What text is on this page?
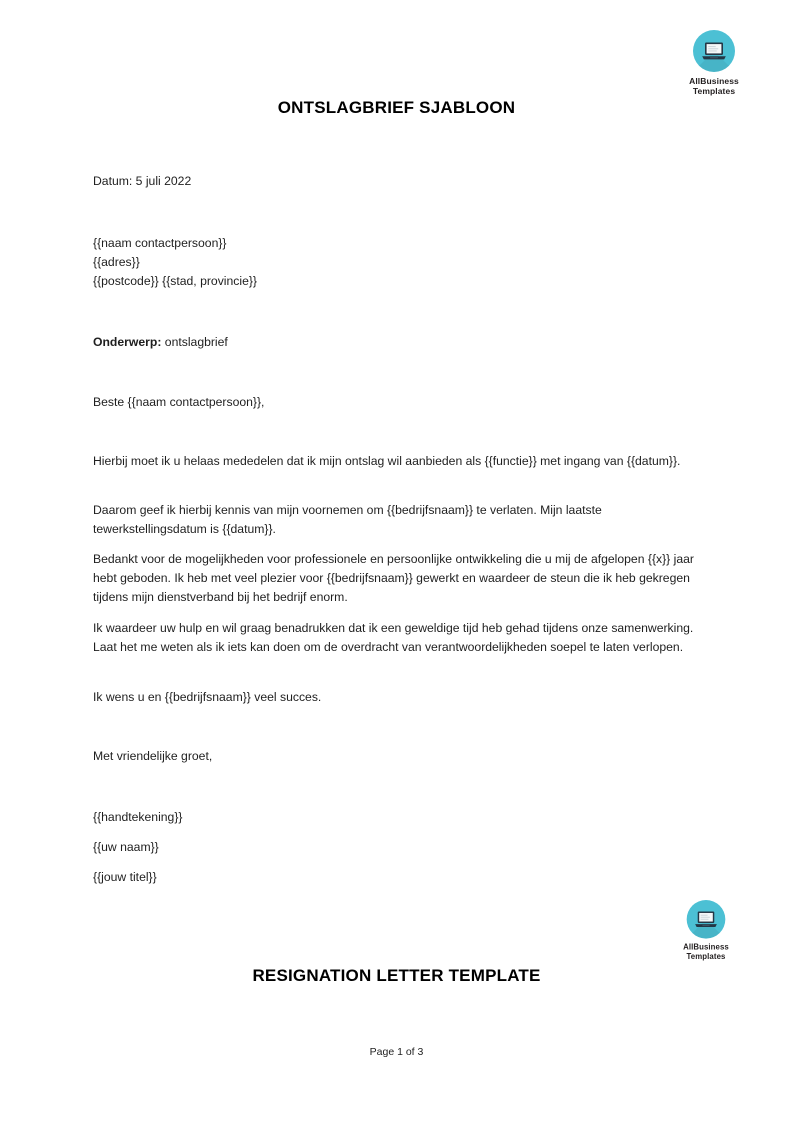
AllBusiness
Templates
ONTSLAGBRIEF SJABLOON
Datum: 5 juli 2022
{{naam contactpersoon}}
{{adres}}
{{postcode}} {{stad, provincie}}
Onderwerp: ontslagbrief
Beste {{naam contactpersoon}},
Hierbij moet ik u helaas mededelen dat ik mijn ontslag wil aanbieden als {{functie}} met ingang van {{datum}}.
Daarom geef ik hierbij kennis van mijn voornemen om {{bedrijfsnaam}} te verlaten. Mijn laatste tewerkstellingsdatum is {{datum}}.
Bedankt voor de mogelijkheden voor professionele en persoonlijke ontwikkeling die u mij de afgelopen {{x}} jaar hebt geboden. Ik heb met veel plezier voor {{bedrijfsnaam}} gewerkt en waardeer de steun die ik heb gekregen tijdens mijn dienstverband bij het bedrijf enorm.
Ik waardeer uw hulp en wil graag benadrukken dat ik een geweldige tijd heb gehad tijdens onze samenwerking. Laat het me weten als ik iets kan doen om de overdracht van verantwoordelijkheden soepel te laten verlopen.
Ik wens u en {{bedrijfsnaam}} veel succes.
Met vriendelijke groet,
{{handtekening}}
{{uw naam}}
{{jouw titel}}
AllBusiness
Templates
RESIGNATION LETTER TEMPLATE
Page 1 of 3
